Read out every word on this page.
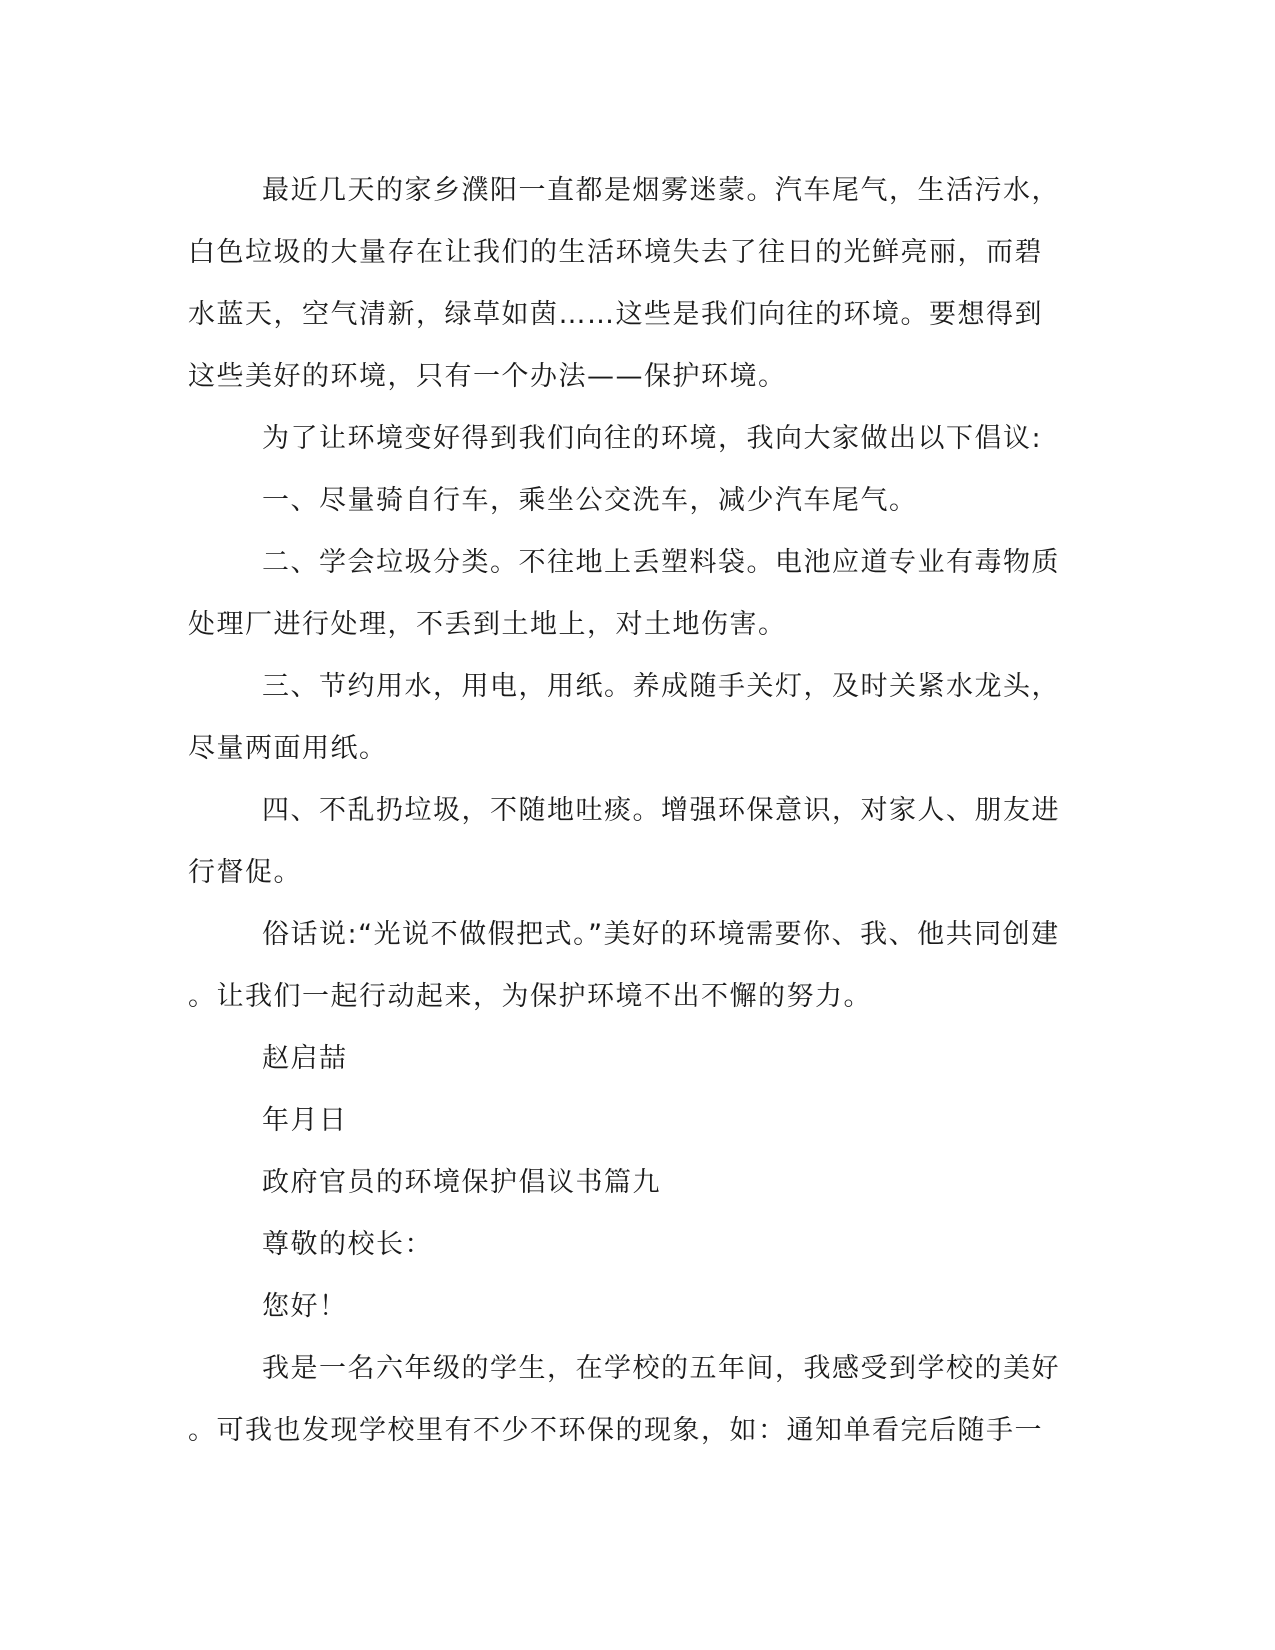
最近几天的家乡濮阳一直都是烟雾迷蒙。汽车尾气，生活污水，
白色垃圾的大量存在让我们的生活环境失去了往日的光鲜亮丽，而碧
水蓝天，空气清新，绿草如茵……这些是我们向往的环境。要想得到
这些美好的环境，只有一个办法——保护环境。
为了让环境变好得到我们向往的环境，我向大家做出以下倡议:
一、尽量骑自行车，乘坐公交洗车，减少汽车尾气。
二、学会垃圾分类。不往地上丢塑料袋。电池应道专业有毒物质
处理厂进行处理，不丢到土地上，对土地伤害。
三、节约用水，用电，用纸。养成随手关灯，及时关紧水龙头，
尽量两面用纸。
四、不乱扔垃圾，不随地吐痰。增强环保意识，对家人、朋友进
行督促。
俗话说:“光说不做假把式。”美好的环境需要你、我、他共同创建
。让我们一起行动起来，为保护环境不出不懈的努力。
赵启喆
年月日
政府官员的环境保护倡议书篇九
尊敬的校长：
您好！
我是一名六年级的学生，在学校的五年间，我感受到学校的美好
。可我也发现学校里有不少不环保的现象，如：通知单看完后随手一
